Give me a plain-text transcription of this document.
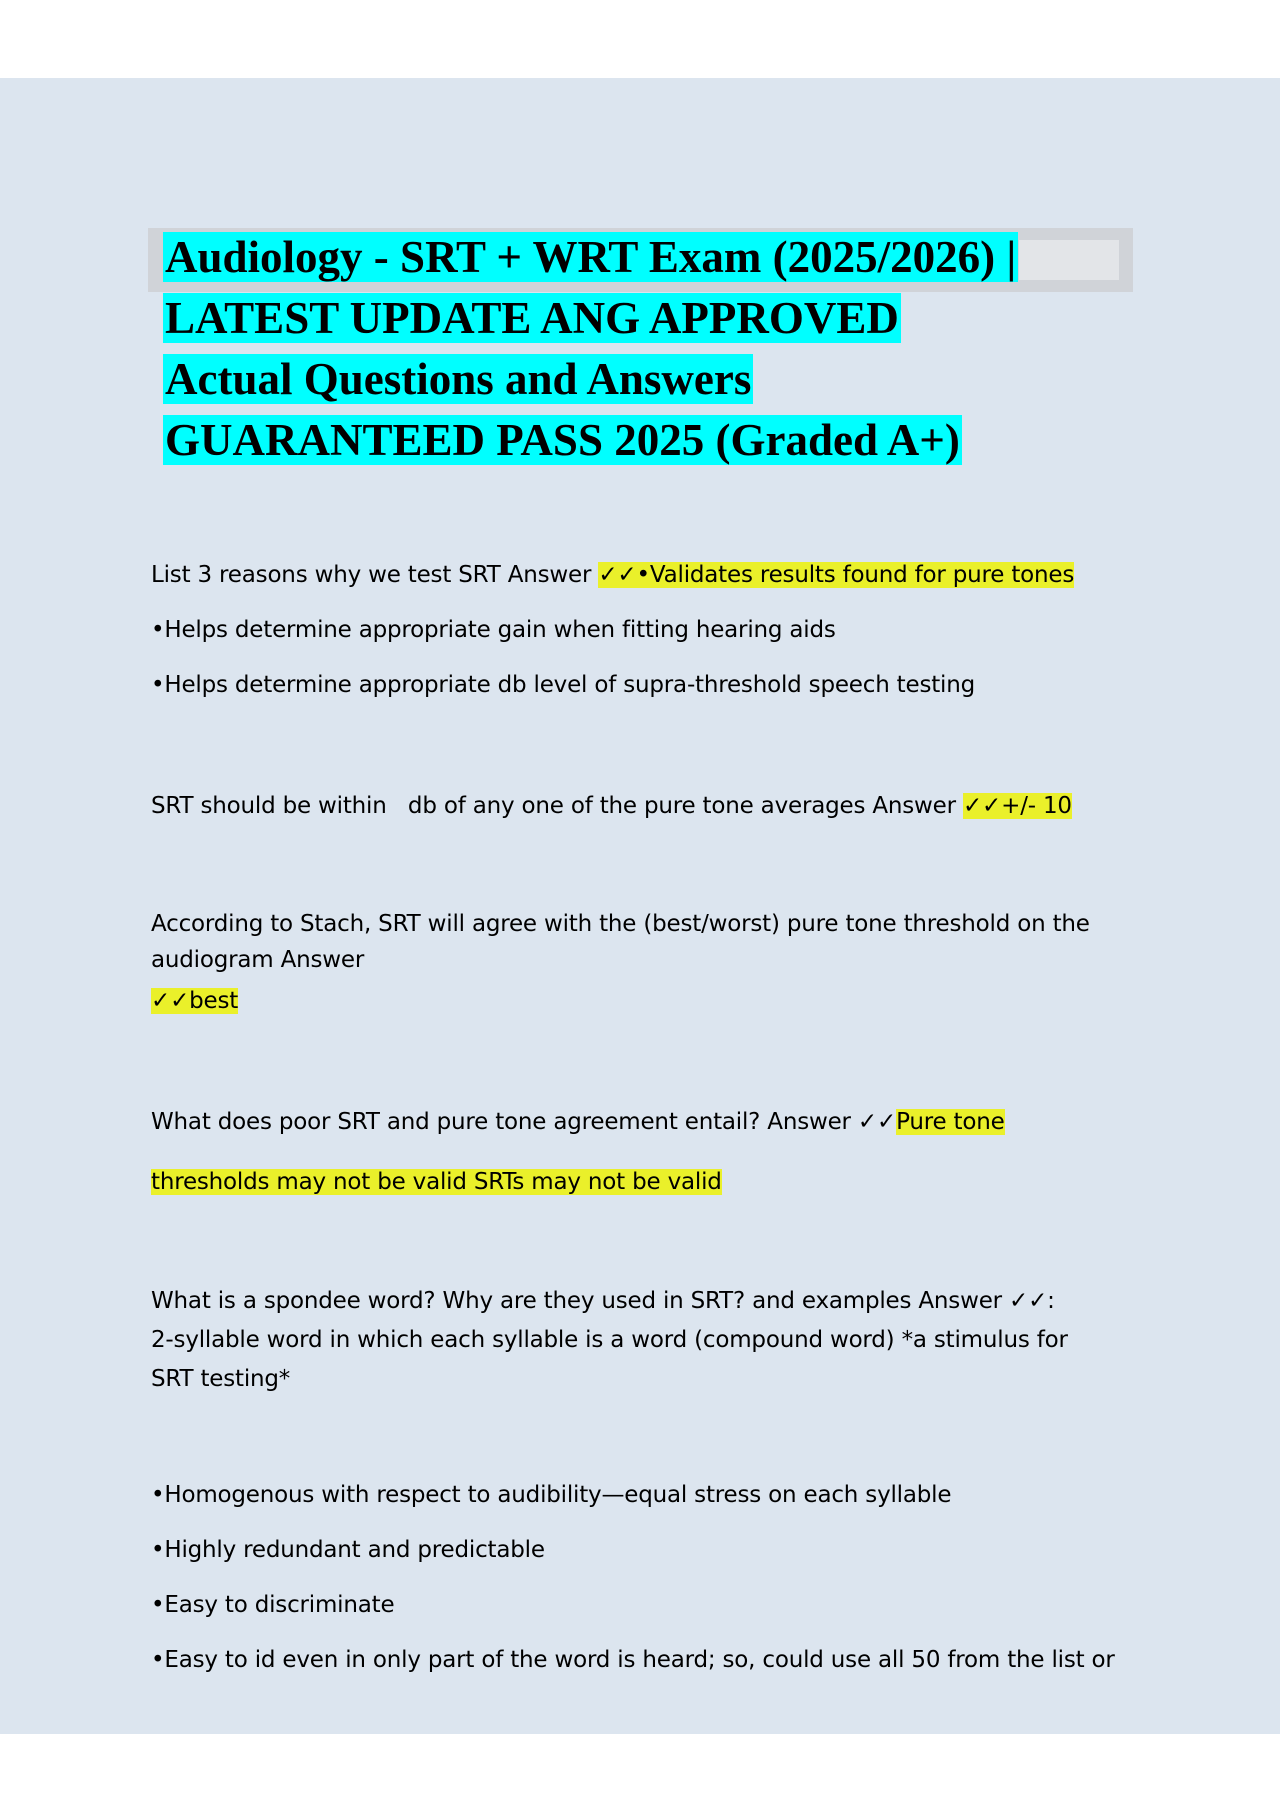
Audiology - SRT + WRT Exam (2025/2026) |
LATEST UPDATE ANG APPROVED
Actual Questions and Answers
GUARANTEED PASS 2025 (Graded A+)
List 3 reasons why we test SRT Answer ✓✓•Validates results found for pure tones
•Helps determine appropriate gain when fitting hearing aids
•Helps determine appropriate db level of supra-threshold speech testing
SRT should be within   db of any one of the pure tone averages Answer ✓✓+/- 10
According to Stach, SRT will agree with the (best/worst) pure tone threshold on the
audiogram Answer
✓✓best
What does poor SRT and pure tone agreement entail? Answer ✓✓Pure tone
thresholds may not be valid SRTs may not be valid
What is a spondee word? Why are they used in SRT? and examples Answer ✓✓:
2-syllable word in which each syllable is a word (compound word) *a stimulus for
SRT testing*
•Homogenous with respect to audibility—equal stress on each syllable
•Highly redundant and predictable
•Easy to discriminate
•Easy to id even in only part of the word is heard; so, could use all 50 from the list or
